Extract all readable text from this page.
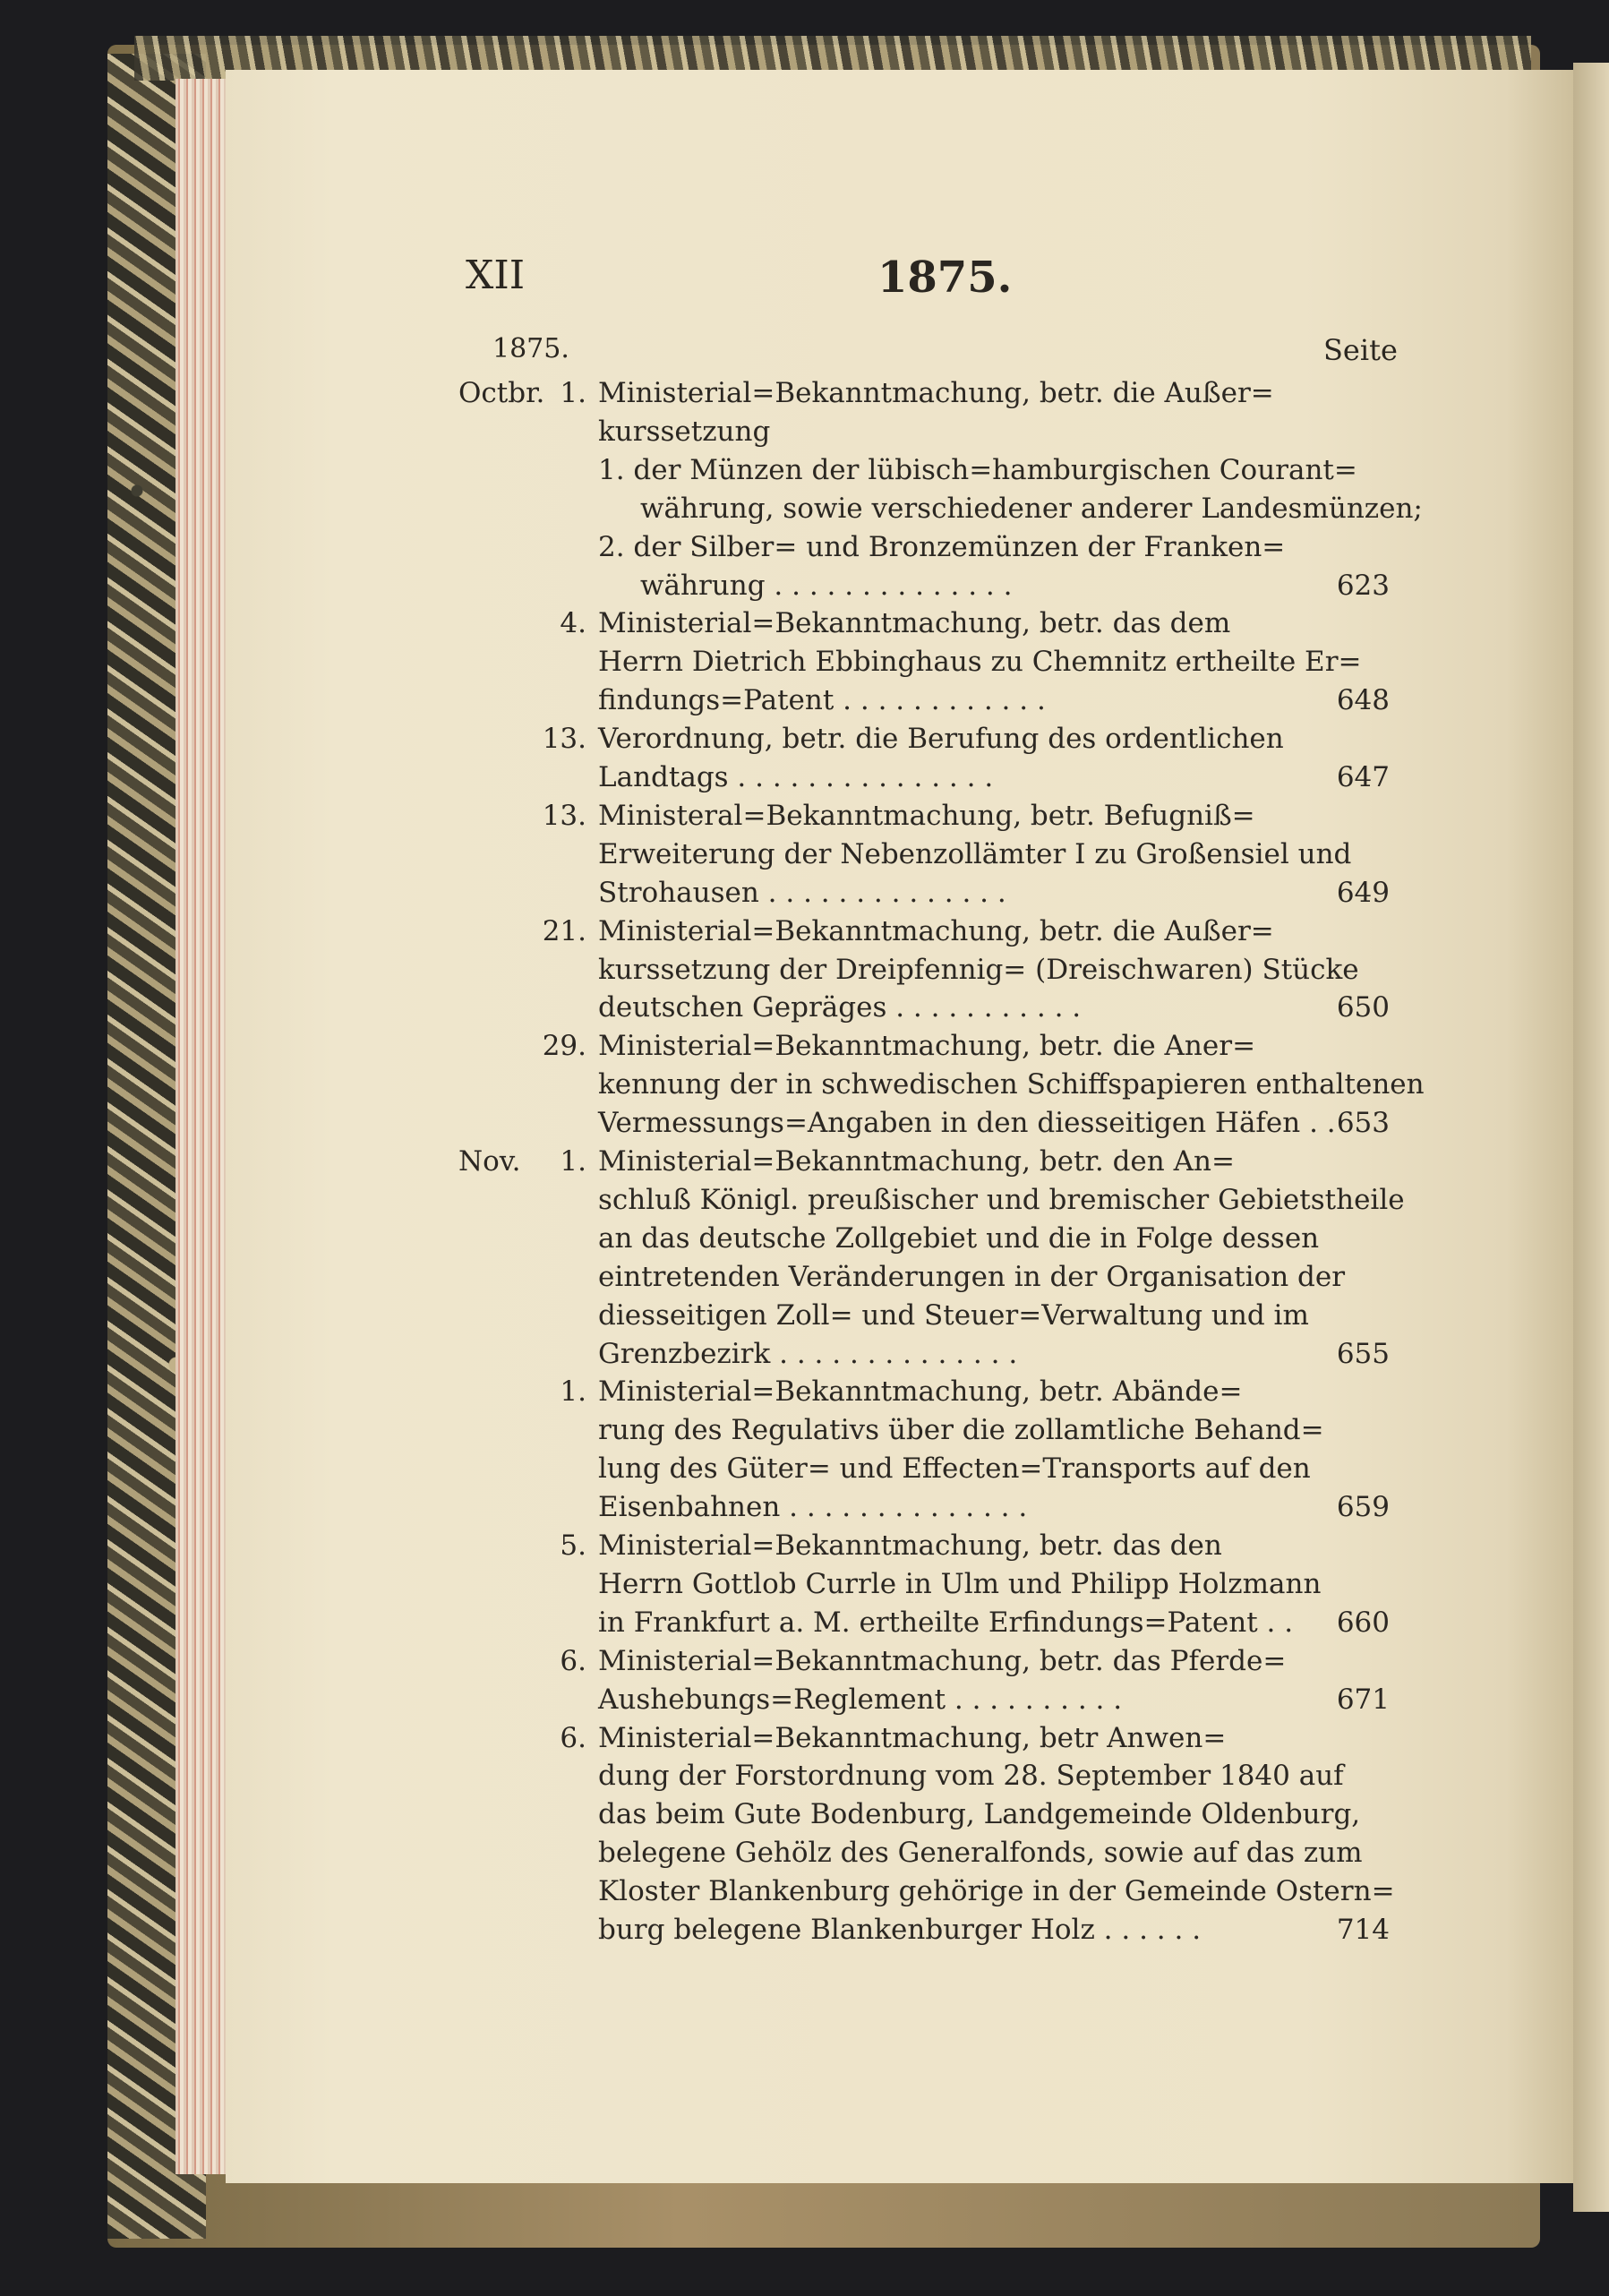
XII	1875.
1875.	Seite
Octbr. 1. Ministerial=Bekanntmachung, betr. die Außer=
kurssetzung
1. der Münzen der lübisch=hamburgischen Courant=
währung, sowie verschiedener anderer Landesmünzen;
2. der Silber= und Bronzemünzen der Franken=
währung . . . . . . . . . . . . . .	623
4. Ministerial=Bekanntmachung, betr. das dem
Herrn Dietrich Ebbinghaus zu Chemnitz ertheilte Er=
findungs=Patent . . . . . . . . . . . .	648
13. Verordnung, betr. die Berufung des ordentlichen
Landtags . . . . . . . . . . . . . . .	647
13. Ministeral=Bekanntmachung, betr. Befugniß=
Erweiterung der Nebenzollämter I zu Großensiel und
Strohausen . . . . . . . . . . . . . .	649
21. Ministerial=Bekanntmachung, betr. die Außer=
kurssetzung der Dreipfennig= (Dreischwaren) Stücke
deutschen Gepräges . . . . . . . . . . .	650
29. Ministerial=Bekanntmachung, betr. die Aner=
kennung der in schwedischen Schiffspapieren enthaltenen
Vermessungs=Angaben in den diesseitigen Häfen . . 653
Nov.	1. Ministerial=Bekanntmachung, betr. den An=
schluß Königl. preußischer und bremischer Gebietstheile
an das deutsche Zollgebiet und die in Folge dessen
eintretenden Veränderungen in der Organisation der
diesseitigen Zoll= und Steuer=Verwaltung und im
Grenzbezirk . . . . . . . . . . . . . .	655
1. Ministerial=Bekanntmachung, betr. Abände=
rung des Regulativs über die zollamtliche Behand=
lung des Güter= und Effecten=Transports auf den
Eisenbahnen . . . . . . . . . . . . . .	659
5. Ministerial=Bekanntmachung, betr. das den
Herrn Gottlob Currle in Ulm und Philipp Holzmann
in Frankfurt a. M. ertheilte Erfindungs=Patent . . 660
6. Ministerial=Bekanntmachung, betr. das Pferde=
Aushebungs=Reglement . . . . . . . . . .	671
6. Ministerial=Bekanntmachung, betr Anwen=
dung der Forstordnung vom 28. September 1840 auf
das beim Gute Bodenburg, Landgemeinde Oldenburg,
belegene Gehölz des Generalfonds, sowie auf das zum
Kloster Blankenburg gehörige in der Gemeinde Ostern=
burg belegene Blankenburger Holz . . . . . .	714
